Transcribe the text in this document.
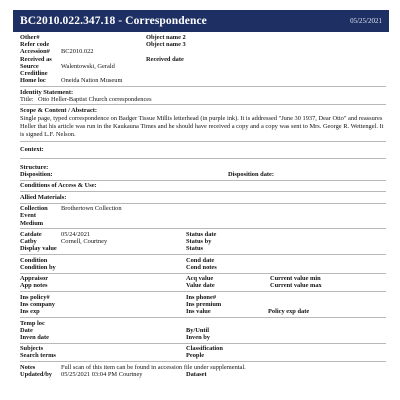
BC2010.022.347.18 - Correspondence	05/25/2021
Other#	Object name 2
Refer code	Object name 3
Accession# BC2010.022
Received as	Received date
Source	Walentowski, Gerald
Creditline
Home loc Oneida Nation Museum
Identity Statement:
Title: Otto Heller-Baptist Church correspondences
Scope & Content / Abstract:
Single page, typed correspondence on Badger Tissue Millis letterhead (in purple ink). It is addressed "June 30 1937, Dear Otto" and reassures Heller that his article was run in the Kaukauna Times and he should have received a copy and a copy was sent to Mrs. George R. Wettengel. It is signed L.F. Nelson.
Context:
Structure:
Disposition:	Disposition date:
Conditions of Access & Use:
Allied Materials:
Collection Brothertown Collection
Event
Medium
Catdate	05/24/2021	Status date
Catby	Cornell, Courtney	Status by
Display value	Status
Condition	Cond date
Condition by	Cond notes
Appraisor	Acq value	Current value min
App notes	Value date	Current value max
Ins policy#	Ins phone#
Ins company	Ins premium
Ins exp	Ins value	Policy exp date
Temp loc
Date	By/Until
Inven date	Inven by
Subjects	Classification
Search terms	People
Notes	Full scan of this item can be found in accession file under supplemental.
Updated/by 05/25/2021 03:04 PM Courtney	Dataset
